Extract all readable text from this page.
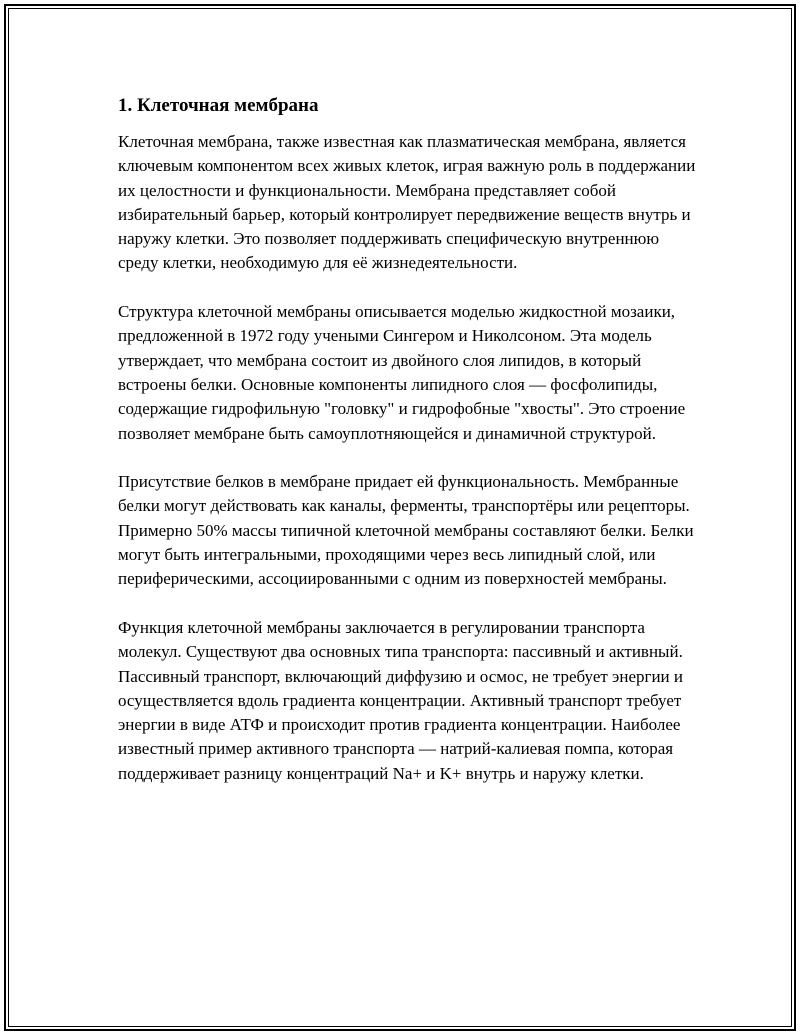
1. Клеточная мембрана

Клеточная мембрана, также известная как плазматическая мембрана, является ключевым компонентом всех живых клеток, играя важную роль в поддержании их целостности и функциональности. Мембрана представляет собой избирательный барьер, который контролирует передвижение веществ внутрь и наружу клетки. Это позволяет поддерживать специфическую внутреннюю среду клетки, необходимую для её жизнедеятельности.

Структура клеточной мембраны описывается моделью жидкостной мозаики, предложенной в 1972 году учеными Сингером и Николсоном. Эта модель утверждает, что мембрана состоит из двойного слоя липидов, в который встроены белки. Основные компоненты липидного слоя — фосфолипиды, содержащие гидрофильную "головку" и гидрофобные "хвосты". Это строение позволяет мембране быть самоуплотняющейся и динамичной структурой.

Присутствие белков в мембране придает ей функциональность. Мембранные белки могут действовать как каналы, ферменты, транспортёры или рецепторы. Примерно 50% массы типичной клеточной мембраны составляют белки. Белки могут быть интегральными, проходящими через весь липидный слой, или периферическими, ассоциированными с одним из поверхностей мембраны.

Функция клеточной мембраны заключается в регулировании транспорта молекул. Существуют два основных типа транспорта: пассивный и активный. Пассивный транспорт, включающий диффузию и осмос, не требует энергии и осуществляется вдоль градиента концентрации. Активный транспорт требует энергии в виде АТФ и происходит против градиента концентрации. Наиболее известный пример активного транспорта — натрий-калиевая помпа, которая поддерживает разницу концентраций Na+ и K+ внутрь и наружу клетки.
